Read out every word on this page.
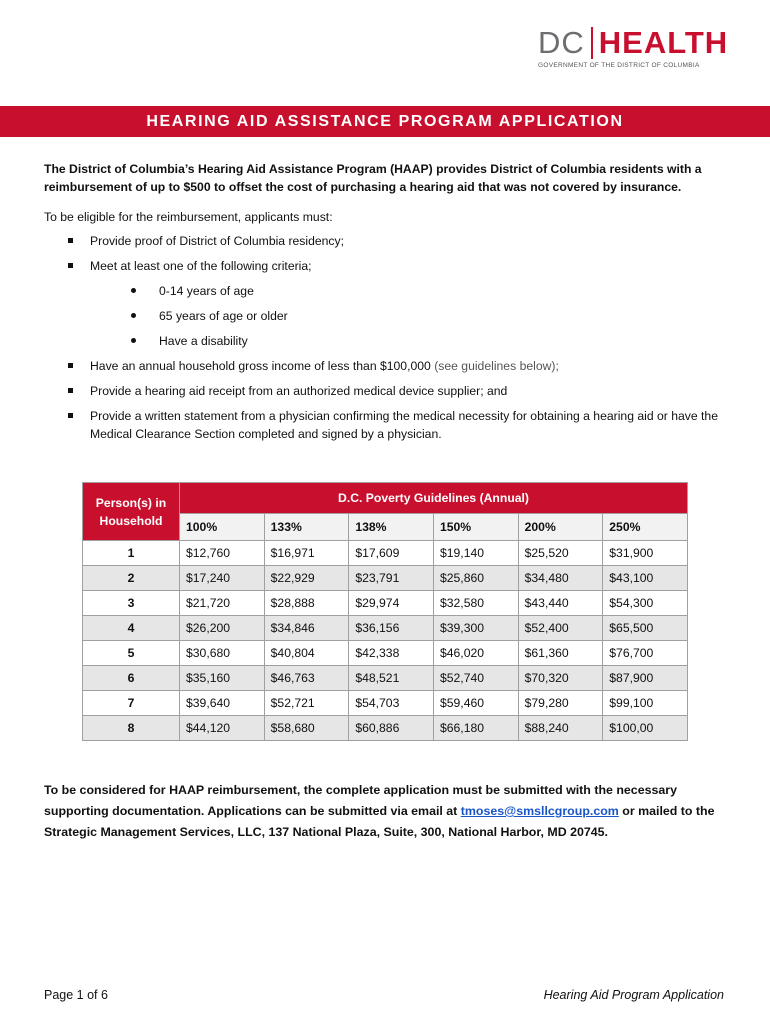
DC HEALTH
GOVERNMENT OF THE DISTRICT OF COLUMBIA
HEARING AID ASSISTANCE PROGRAM APPLICATION

The District of Columbia’s Hearing Aid Assistance Program (HAAP) provides District of Columbia residents with a reimbursement of up to $500 to offset the cost of purchasing a hearing aid that was not covered by insurance.

To be eligible for the reimbursement, applicants must:

Provide proof of District of Columbia residency;
Meet at least one of the following criteria;
0-14 years of age
65 years of age or older
Have a disability
Have an annual household gross income of less than $100,000 (see guidelines below);
Provide a hearing aid receipt from an authorized medical device supplier; and
Provide a written statement from a physician confirming the medical necessity for obtaining a hearing aid or have the Medical Clearance Section completed and signed by a physician.
Person(s) in Household	D.C. Poverty Guidelines (Annual)					
	100%	133%	138%	150%	200%	250%
1	$12,760	$16,971	$17,609	$19,140	$25,520	$31,900
2	$17,240	$22,929	$23,791	$25,860	$34,480	$43,100
3	$21,720	$28,888	$29,974	$32,580	$43,440	$54,300
4	$26,200	$34,846	$36,156	$39,300	$52,400	$65,500
5	$30,680	$40,804	$42,338	$46,020	$61,360	$76,700
6	$35,160	$46,763	$48,521	$52,740	$70,320	$87,900
7	$39,640	$52,721	$54,703	$59,460	$79,280	$99,100
8	$44,120	$58,680	$60,886	$66,180	$88,240	$100,00

To be considered for HAAP reimbursement, the complete application must be submitted with the necessary supporting documentation. Applications can be submitted via email at tmoses@smsllcgroup.com or mailed to the Strategic Management Services, LLC, 137 National Plaza, Suite, 300, National Harbor, MD 20745.

Page 1 of 6	Hearing Aid Program Application
